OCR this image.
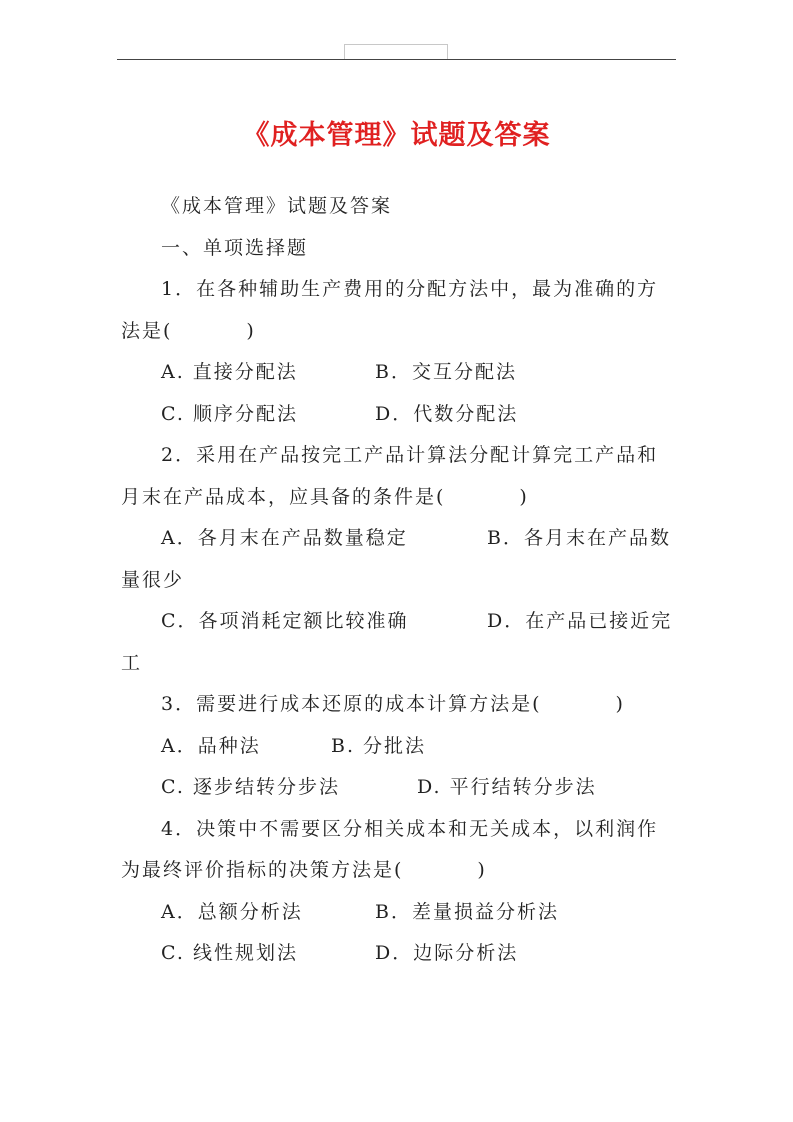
《成本管理》试题及答案
《成本管理》试题及答案
一、单项选择题
1．在各种辅助生产费用的分配方法中，最为准确的方
法是(	)
A. 直接分配法	B．交互分配法
C. 顺序分配法	D．代数分配法
2．采用在产品按完工产品计算法分配计算完工产品和
月末在产品成本，应具备的条件是(	)
A．各月末在产品数量稳定	B．各月末在产品数
量很少
C．各项消耗定额比较准确	D．在产品已接近完
工
3．需要进行成本还原的成本计算方法是(	)
A．品种法	B. 分批法
C. 逐步结转分步法	D. 平行结转分步法
4．决策中不需要区分相关成本和无关成本，以利润作
为最终评价指标的决策方法是(	)
A．总额分析法	B．差量损益分析法
C. 线性规划法	D．边际分析法
